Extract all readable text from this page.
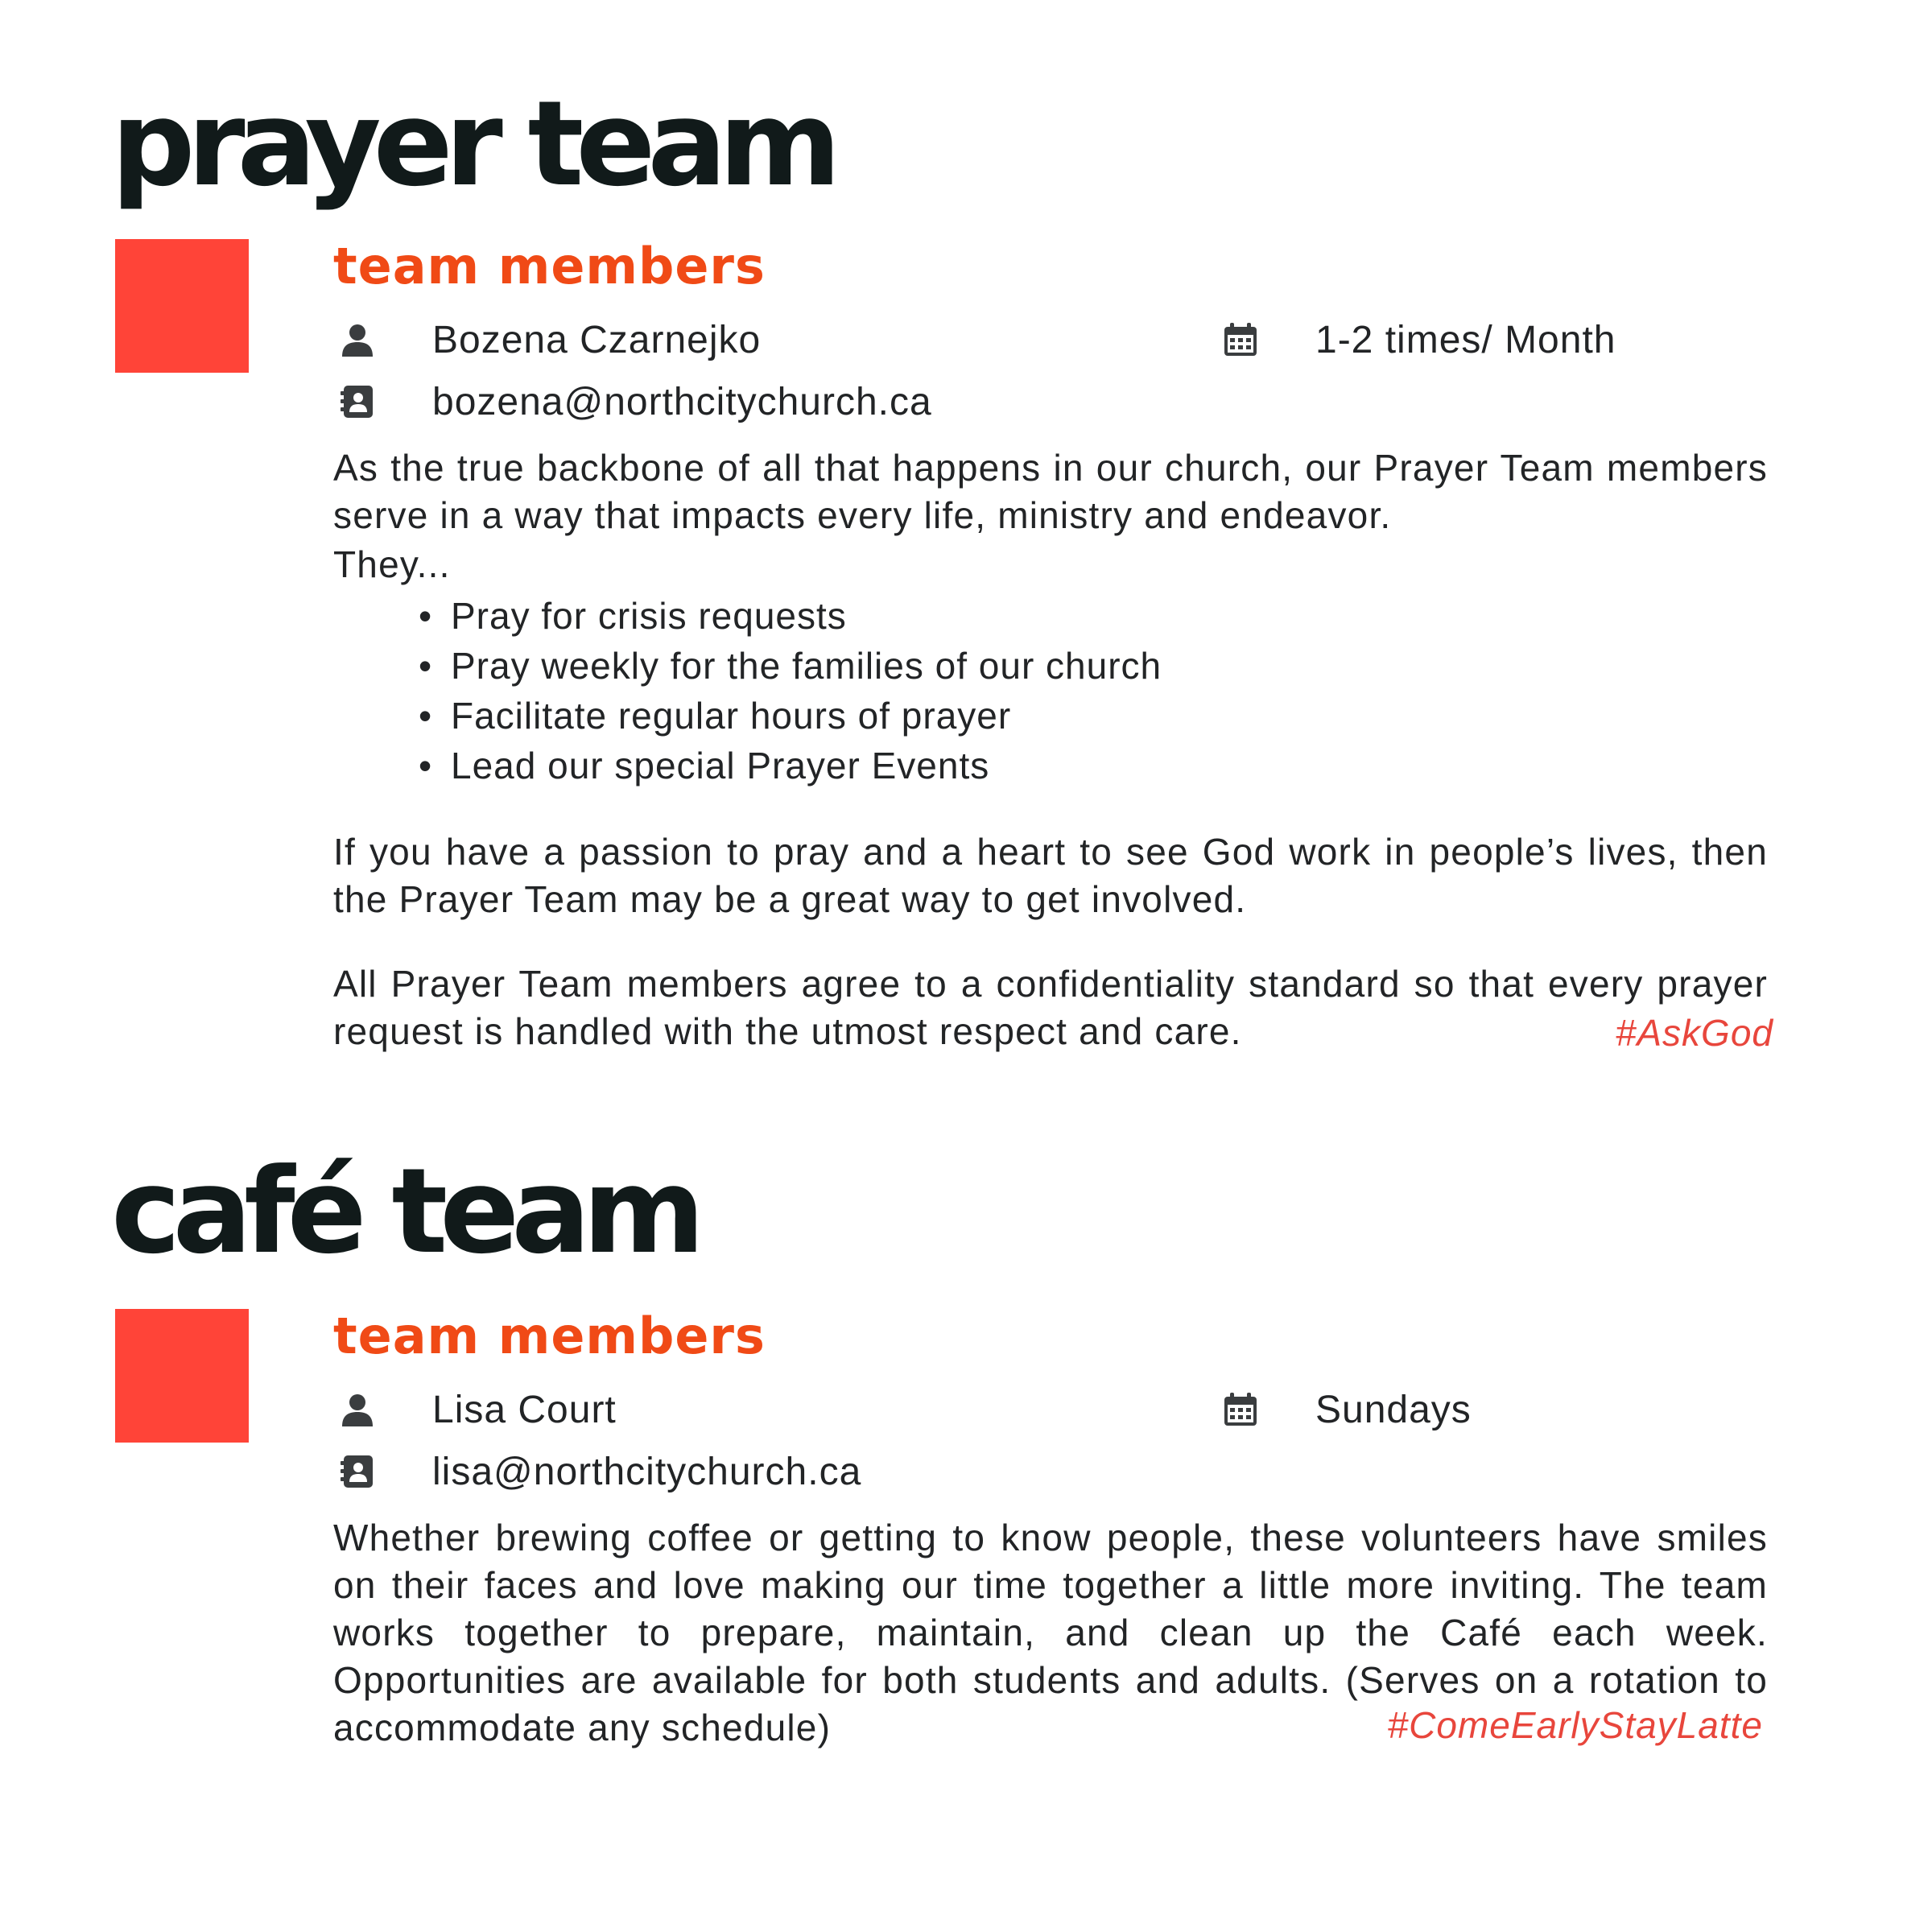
prayer team
team members
Bozena Czarnejko	1-2 times/ Month
bozena@northcitychurch.ca

As the true backbone of all that happens in our church, our Prayer Team members serve in a way that impacts every life, ministry and endeavor.

They...

• Pray for crisis requests
• Pray weekly for the families of our church
• Facilitate regular hours of prayer
• Lead our special Prayer Events

If you have a passion to pray and a heart to see God work in people’s lives, then the Prayer Team may be a great way to get involved.

All Prayer Team members agree to a confidentiality standard so that every prayer request is handled with the utmost respect and care.	#AskGod

café team
team members
Lisa Court	Sundays
lisa@northcitychurch.ca

Whether brewing coffee or getting to know people, these volunteers have smiles on their faces and love making our time together a little more inviting. The team works together to prepare, maintain, and clean up the Café each week. Opportunities are available for both students and adults. (Serves on a rotation to accommodate any schedule)	#ComeEarlyStayLatte
